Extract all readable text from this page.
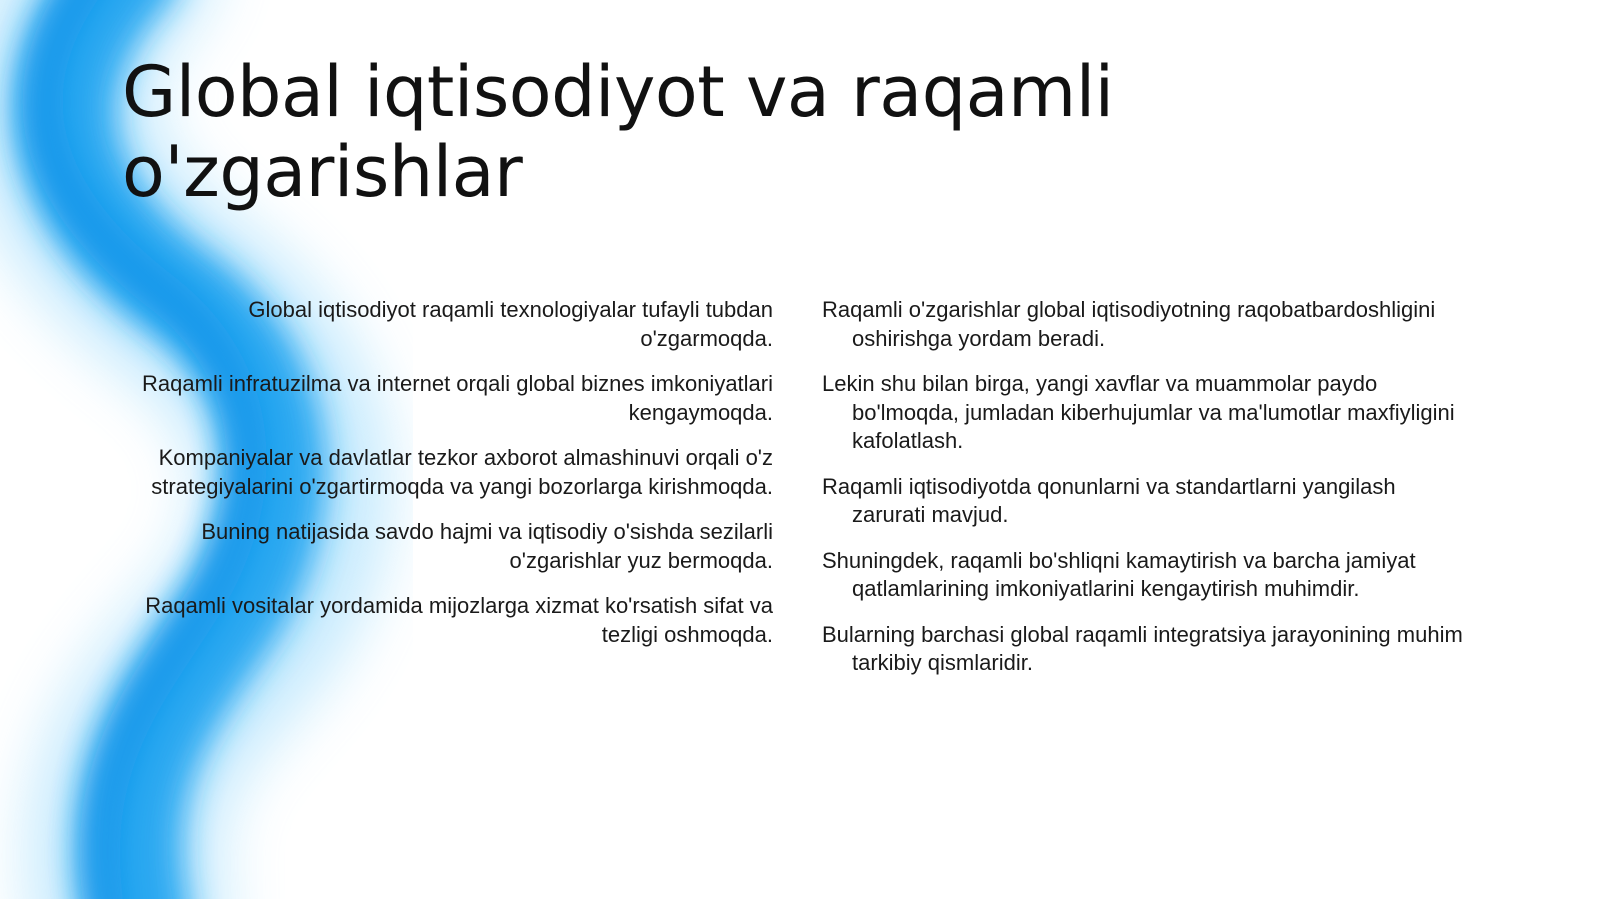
Global iqtisodiyot va raqamli o'zgarishlar
Global iqtisodiyot raqamli texnologiyalar tufayli tubdan o'zgarmoqda.
Raqamli infratuzilma va internet orqali global biznes imkoniyatlari kengaymoqda.
Kompaniyalar va davlatlar tezkor axborot almashinuvi orqali o'z strategiyalarini o'zgartirmoqda va yangi bozorlarga kirishmoqda.
Buning natijasida savdo hajmi va iqtisodiy o'sishda sezilarli o'zgarishlar yuz bermoqda.
Raqamli vositalar yordamida mijozlarga xizmat ko'rsatish sifat va tezligi oshmoqda.
Raqamli o'zgarishlar global iqtisodiyotning raqobatbardoshligini oshirishga yordam beradi.
Lekin shu bilan birga, yangi xavflar va muammolar paydo bo'lmoqda, jumladan kiberhujumlar va ma'lumotlar maxfiyligini kafolatlash.
Raqamli iqtisodiyotda qonunlarni va standartlarni yangilash zarurati mavjud.
Shuningdek, raqamli bo'shliqni kamaytirish va barcha jamiyat qatlamlarining imkoniyatlarini kengaytirish muhimdir.
Bularning barchasi global raqamli integratsiya jarayonining muhim tarkibiy qismlaridir.
